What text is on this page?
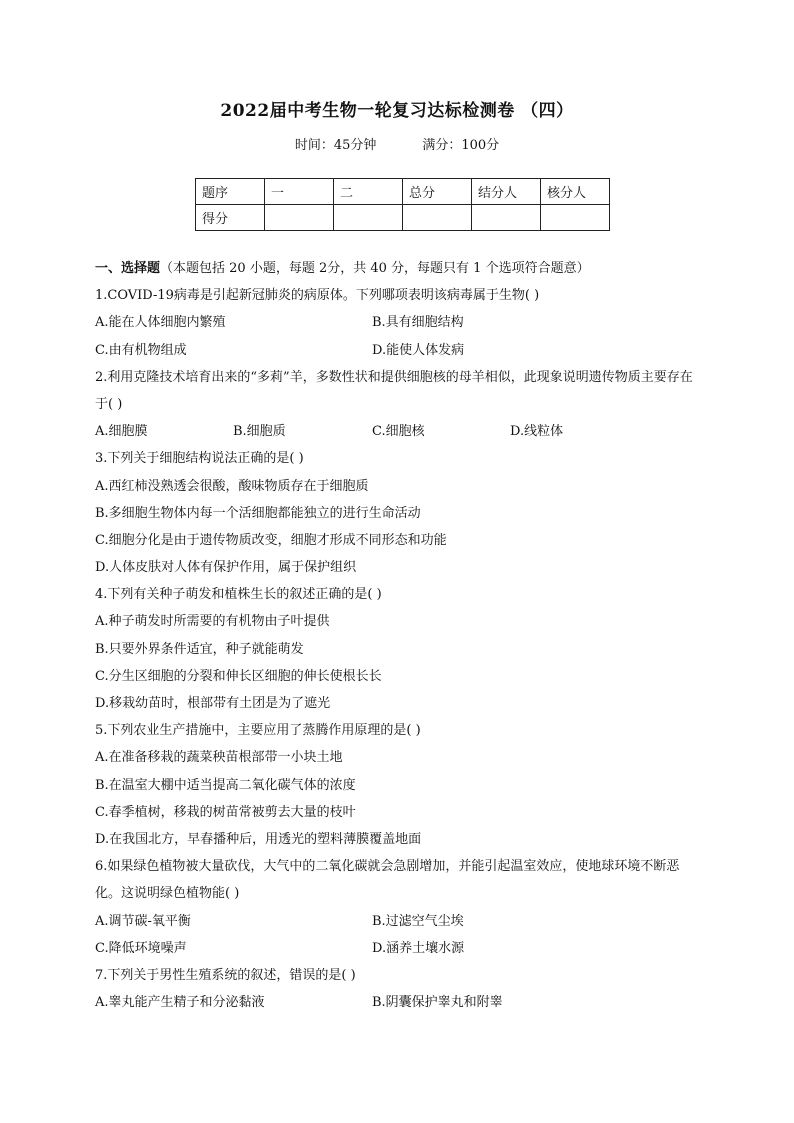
2022届中考生物一轮复习达标检测卷 （四）
时间：45分钟	满分：100分
题序	一	二	总分	结分人	核分人
得分					
一、选择题（本题包括 20 小题，每题 2分，共 40 分，每题只有 1 个选项符合题意）
1.COVID-19病毒是引起新冠肺炎的病原体。下列哪项表明该病毒属于生物( )
A.能在人体细胞内繁殖	B.具有细胞结构
C.由有机物组成	D.能使人体发病
2.利用克隆技术培育出来的“多莉”羊，多数性状和提供细胞核的母羊相似，此现象说明遗传物质主要存在于( )
A.细胞膜	B.细胞质	C.细胞核	D.线粒体
3.下列关于细胞结构说法正确的是( )
A.西红柿没熟透会很酸，酸味物质存在于细胞质
B.多细胞生物体内每一个活细胞都能独立的进行生命活动
C.细胞分化是由于遗传物质改变，细胞才形成不同形态和功能
D.人体皮肤对人体有保护作用，属于保护组织
4.下列有关种子萌发和植株生长的叙述正确的是( )
A.种子萌发时所需要的有机物由子叶提供
B.只要外界条件适宜，种子就能萌发
C.分生区细胞的分裂和伸长区细胞的伸长使根长长
D.移栽幼苗时，根部带有土团是为了遮光
5.下列农业生产措施中，主要应用了蒸腾作用原理的是( )
A.在准备移栽的蔬菜秧苗根部带一小块土地
B.在温室大棚中适当提高二氧化碳气体的浓度
C.春季植树，移栽的树苗常被剪去大量的枝叶
D.在我国北方，早春播种后，用透光的塑料薄膜覆盖地面
6.如果绿色植物被大量砍伐，大气中的二氧化碳就会急剧增加，并能引起温室效应，使地球环境不断恶化。这说明绿色植物能( )
A.调节碳-氧平衡	B.过滤空气尘埃
C.降低环境噪声	D.涵养土壤水源
7.下列关于男性生殖系统的叙述，错误的是( )
A.睾丸能产生精子和分泌黏液	B.阴囊保护睾丸和附睾
